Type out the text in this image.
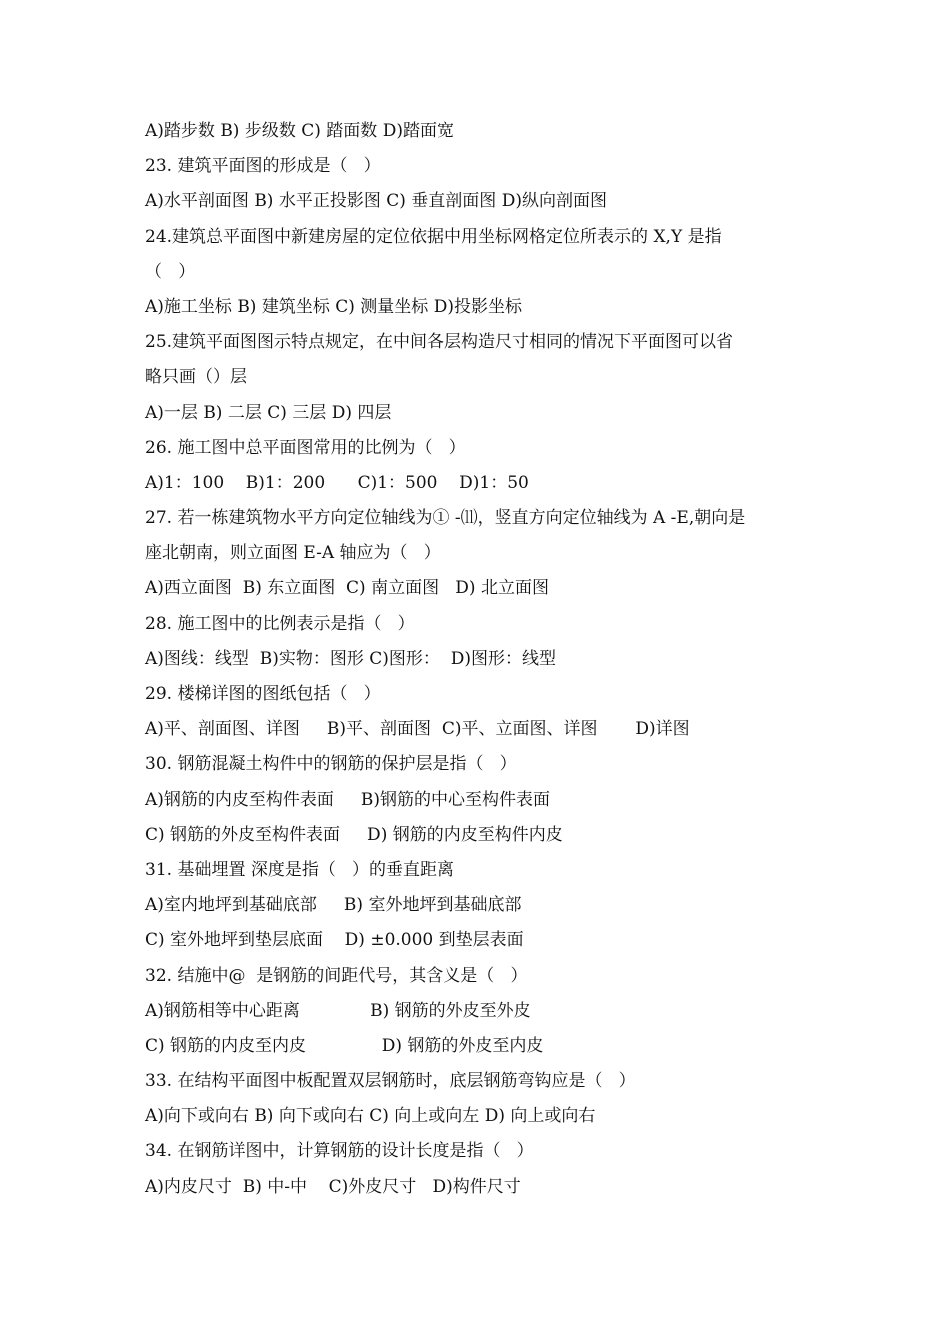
A)踏步数 B) 步级数 C) 踏面数 D)踏面宽

23. 建筑平面图的形成是（   ）

A)水平剖面图 B) 水平正投影图 C) 垂直剖面图 D)纵向剖面图

24.建筑总平面图中新建房屋的定位依据中用坐标网格定位所表示的 X,Y 是指

（   ）

A)施工坐标 B) 建筑坐标 C) 测量坐标 D)投影坐标

25.建筑平面图图示特点规定，在中间各层构造尺寸相同的情况下平面图可以省

略只画（）层

A)一层 B) 二层 C) 三层 D) 四层

26. 施工图中总平面图常用的比例为（   ）

A)1：100    B)1：200      C)1：500    D)1：50

27. 若一栋建筑物水平方向定位轴线为① -⑾，竖直方向定位轴线为 A -E,朝向是

座北朝南，则立面图 E-A 轴应为（   ）

A)西立面图  B) 东立面图  C) 南立面图   D) 北立面图

28. 施工图中的比例表示是指（   ）

A)图线：线型  B)实物：图形 C)图形：  D)图形：线型

29. 楼梯详图的图纸包括（   ）

A)平、剖面图、详图     B)平、剖面图  C)平、立面图、详图       D)详图

30. 钢筋混凝土构件中的钢筋的保护层是指（   ）

A)钢筋的内皮至构件表面     B)钢筋的中心至构件表面

C) 钢筋的外皮至构件表面     D) 钢筋的内皮至构件内皮

31. 基础埋置 深度是指（   ）的垂直距离

A)室内地坪到基础底部     B) 室外地坪到基础底部

C) 室外地坪到垫层底面    D) ±0.000 到垫层表面

32. 结施中@  是钢筋的间距代号，其含义是（   ）

A)钢筋相等中心距离             B) 钢筋的外皮至外皮

C) 钢筋的内皮至内皮              D) 钢筋的外皮至内皮

33. 在结构平面图中板配置双层钢筋时，底层钢筋弯钩应是（   ）

A)向下或向右 B) 向下或向右 C) 向上或向左 D) 向上或向右

34. 在钢筋详图中，计算钢筋的设计长度是指（   ）

A)内皮尺寸  B) 中-中    C)外皮尺寸   D)构件尺寸
